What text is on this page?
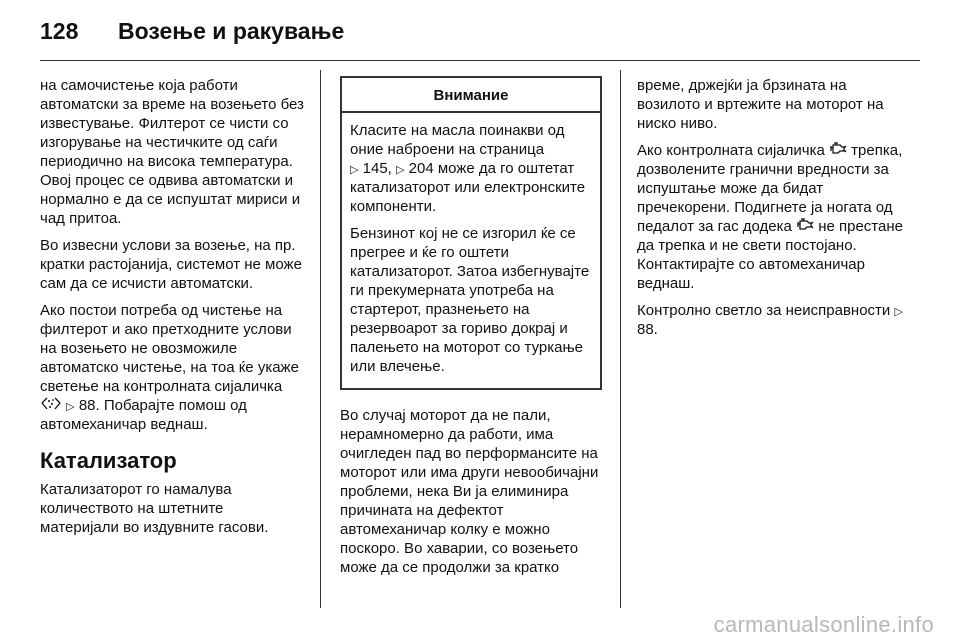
128 Возење и ракување

на самочистење која работи автоматски за време на возењето без известување. Филтерот се чисти со изгорување на честичките од саѓи периодично на висока температура. Овој процес се одвива автоматски и нормално е да се испуштат мириси и чад притоа.

Во извесни услови за возење, на пр. кратки растојанија, системот не може сам да се исчисти автоматски.

Ако постои потреба од чистење на филтерот и ако претходните услови на возењето не овозможиле автоматско чистење, на тоа ќе укаже светење на контролната сијаличка  ▷ 88. Побарајте помош од автомеханичар веднаш.

Катализатор

Катализаторот го намалува количеството на штетните материјали во издувните гасови.

Внимание

Класите на масла поинакви од оние наброени на страница
▷ 145, ▷ 204 може да го оштетат катализаторот или електронските компоненти.

Бензинот кој не се изгорил ќе се прегрее и ќе го оштети катализаторот. Затоа избегнувајте ги прекумерната употреба на стартерот, празнењето на резервоарот за гориво докрај и палењето на моторот со туркање или влечење.

Во случај моторот да не пали, нерамномерно да работи, има очигледен пад во перформансите на моторот или има други невообичајни проблеми, нека Ви ја елиминира причината на дефектот автомеханичар колку е можно поскоро. Во хаварии, со возењето може да се продолжи за кратко

време, држејќи ја брзината на возилото и вртежите на моторот на ниско ниво.

Ако контролната сијаличка трепка, дозволените гранични вредности за испуштање може да бидат пречекорени. Подигнете ја ногата од педалот за гас додека не престане да трепка и не свети постојано. Контактирајте со автомеханичар веднаш.

Контролно светло за неисправности ▷ 88.

carmanualsonline.info
